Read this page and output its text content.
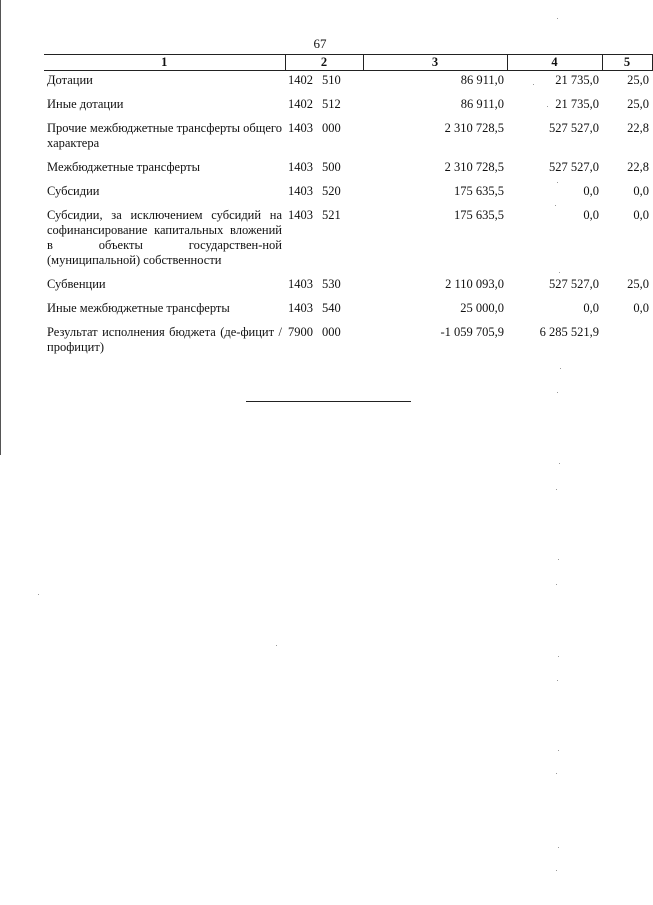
67
1	2	3	4	5
Дотации	1402 510	86 911,0	21 735,0	25,0
Иные дотации	1402 512	86 911,0	21 735,0	25,0
Прочие межбюджетные трансферты общего характера	1403 000	2 310 728,5	527 527,0	22,8
Межбюджетные трансферты	1403 500	2 310 728,5	527 527,0	22,8
Субсидии	1403 520	175 635,5	0,0	0,0
Субсидии, за исключением субсидий на софинансирование капитальных вложений в объекты государствен-ной (муниципальной) собственности	1403 521	175 635,5	0,0	0,0
Субвенции	1403 530	2 110 093,0	527 527,0	25,0
Иные межбюджетные трансферты	1403 540	25 000,0	0,0	0,0
Результат исполнения бюджета (де-фицит / профицит)	7900 000	-1 059 705,9	6 285 521,9	
